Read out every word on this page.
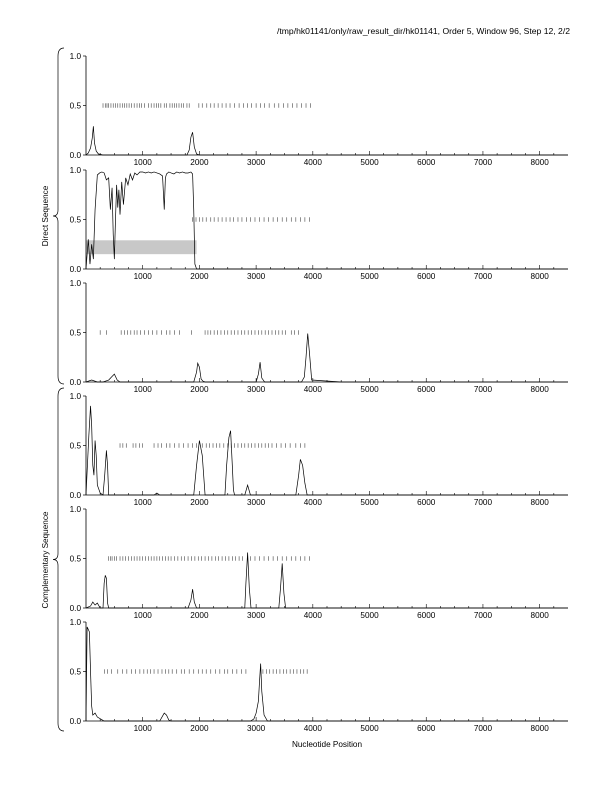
/tmp/hk01141/only/raw_result_dir/hk01141, Order 5, Window 96, Step 12, 2/2
0.0
0.5
1.0
1000	2000	3000	4000	5000	6000	7000	8000
0.0
0.5
1.0
1000	2000	3000	4000	5000	6000	7000	8000
0.0
0.5
1.0
1000	2000	3000	4000	5000	6000	7000	8000
0.0
0.5
1.0
1000	2000	3000	4000	5000	6000	7000	8000
0.0
0.5
1.0
1000	2000	3000	4000	5000	6000	7000	8000
0.0
0.5
1.0
1000	2000	3000	4000	5000	6000	7000	8000
Direct Sequence
Complementary Sequence
Nucleotide Position
